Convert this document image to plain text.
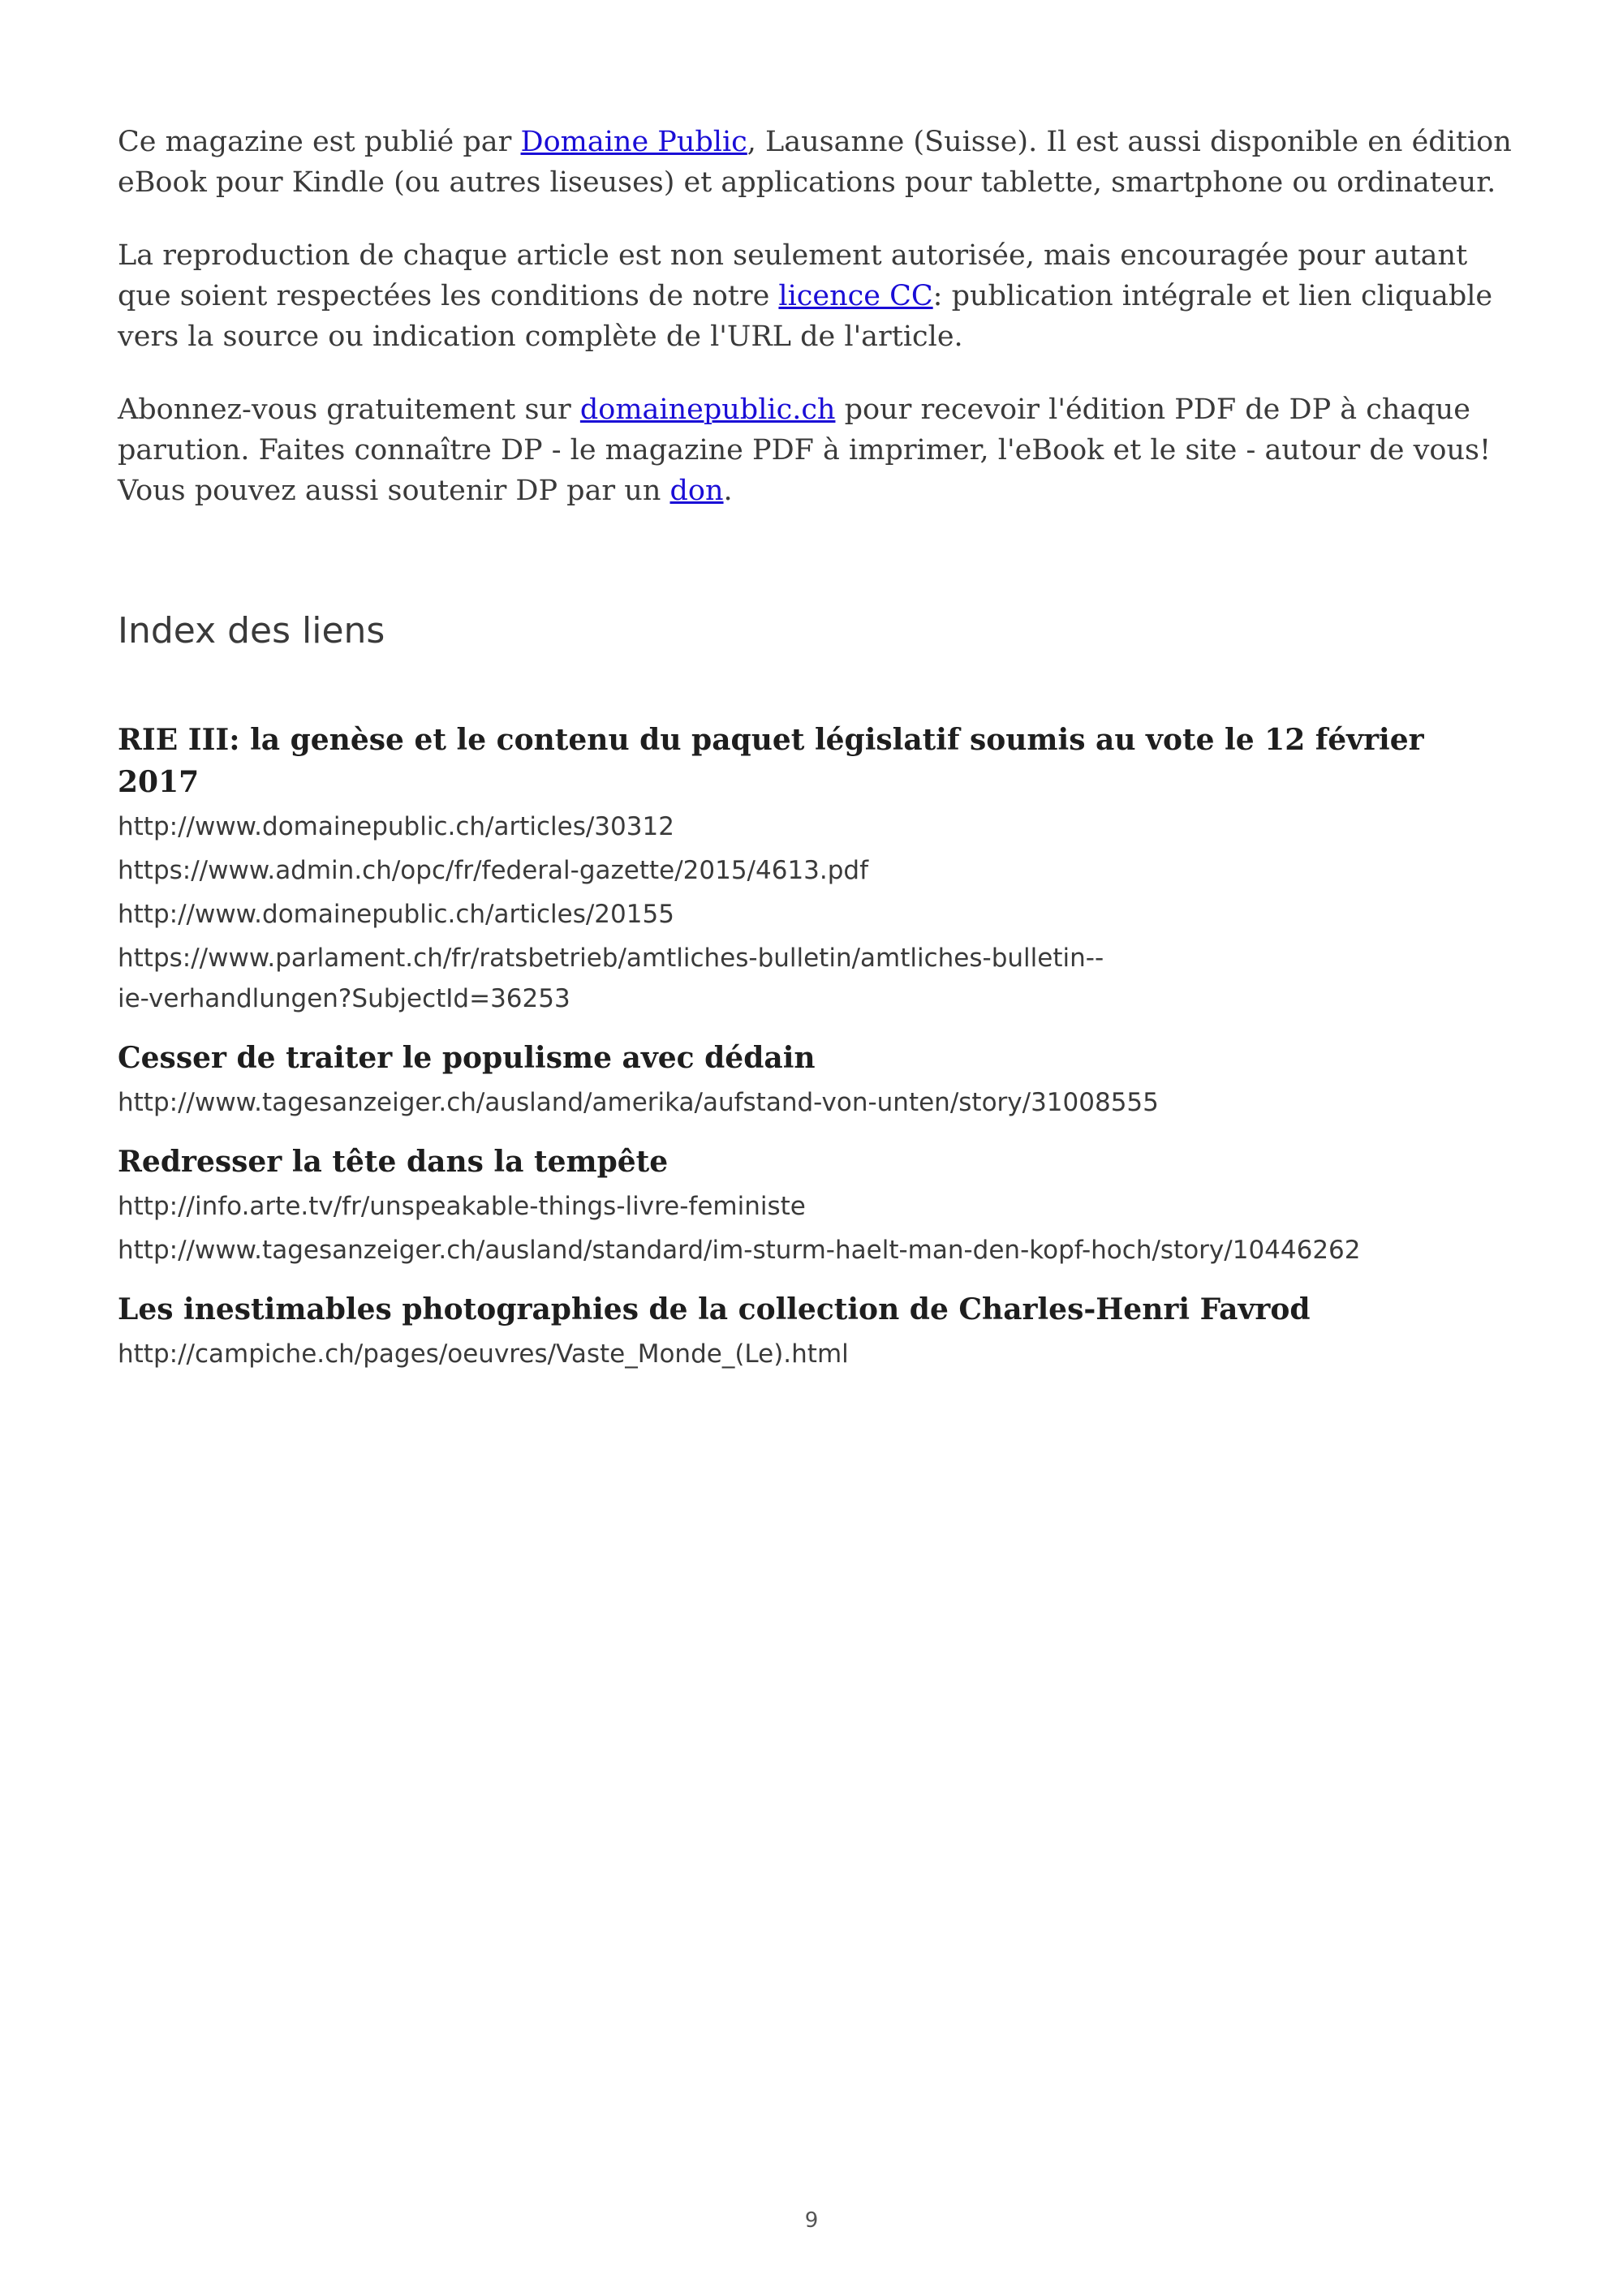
Ce magazine est publié par Domaine Public, Lausanne (Suisse). Il est aussi disponible en édition eBook pour Kindle (ou autres liseuses) et applications pour tablette, smartphone ou ordinateur.

La reproduction de chaque article est non seulement autorisée, mais encouragée pour autant que soient respectées les conditions de notre licence CC: publication intégrale et lien cliquable vers la source ou indication complète de l'URL de l'article.

Abonnez-vous gratuitement sur domainepublic.ch pour recevoir l'édition PDF de DP à chaque parution. Faites connaître DP - le magazine PDF à imprimer, l'eBook et le site - autour de vous! Vous pouvez aussi soutenir DP par un don.

Index des liens
RIE III: la genèse et le contenu du paquet législatif soumis au vote le 12 février 2017
http://www.domainepublic.ch/articles/30312
https://www.admin.ch/opc/fr/federal-gazette/2015/4613.pdf
http://www.domainepublic.ch/articles/20155
https://www.parlament.ch/fr/ratsbetrieb/amtliches-bulletin/amtliches-bulletin--
ie-verhandlungen?SubjectId=36253
Cesser de traiter le populisme avec dédain
http://www.tagesanzeiger.ch/ausland/amerika/aufstand-von-unten/story/31008555
Redresser la tête dans la tempête
http://info.arte.tv/fr/unspeakable-things-livre-feministe
http://www.tagesanzeiger.ch/ausland/standard/im-sturm-haelt-man-den-kopf-hoch/story/10446262
Les inestimables photographies de la collection de Charles-Henri Favrod
http://campiche.ch/pages/oeuvres/Vaste_Monde_(Le).html
9
